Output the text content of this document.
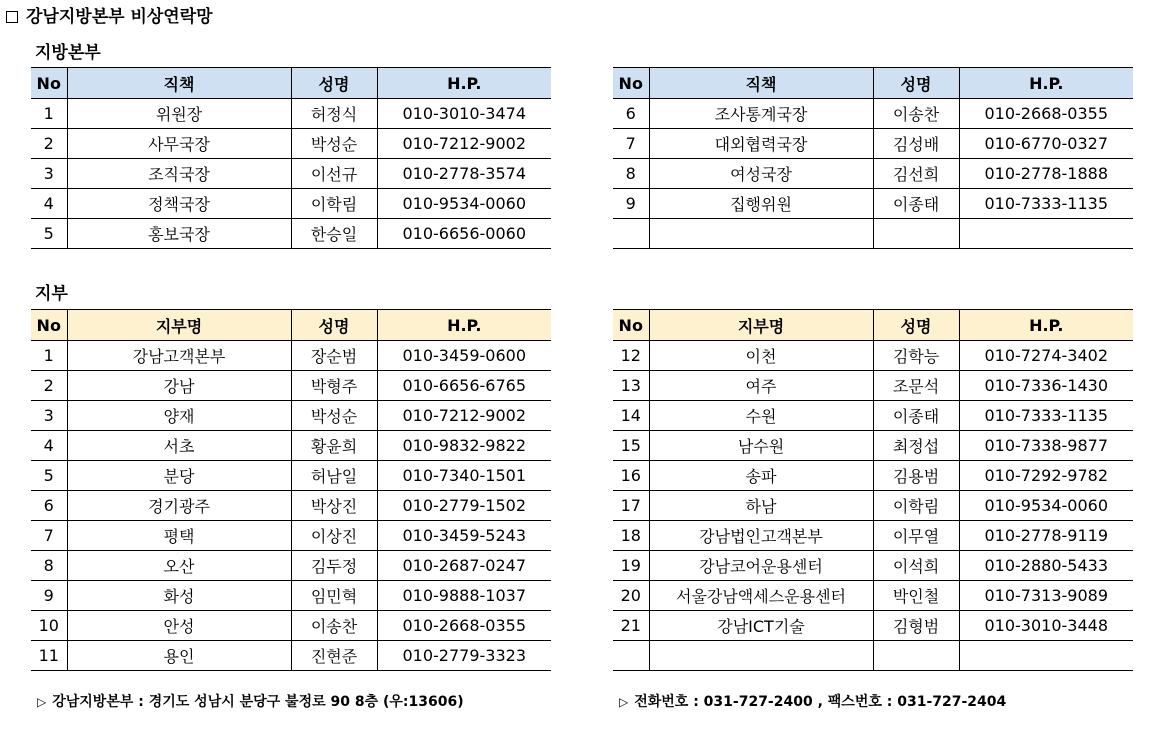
강남지방본부 비상연락망
지방본부
No	직책	성명	H.P.
1	위원장	허정식	010-3010-3474
2	사무국장	박성순	010-7212-9002
3	조직국장	이선규	010-2778-3574
4	정책국장	이학림	010-9534-0060
5	홍보국장	한승일	010-6656-0060
No	직책	성명	H.P.
6	조사통계국장	이송찬	010-2668-0355
7	대외협력국장	김성배	010-6770-0327
8	여성국장	김선희	010-2778-1888
9	집행위원	이종태	010-7333-1135

지부
No	지부명	성명	H.P.
1	강남고객본부	장순범	010-3459-0600
2	강남	박형주	010-6656-6765
3	양재	박성순	010-7212-9002
4	서초	황윤희	010-9832-9822
5	분당	허남일	010-7340-1501
6	경기광주	박상진	010-2779-1502
7	평택	이상진	010-3459-5243
8	오산	김두정	010-2687-0247
9	화성	임민혁	010-9888-1037
10	안성	이송찬	010-2668-0355
11	용인	진현준	010-2779-3323
No	지부명	성명	H.P.
12	이천	김학능	010-7274-3402
13	여주	조문석	010-7336-1430
14	수원	이종태	010-7333-1135
15	남수원	최정섭	010-7338-9877
16	송파	김용범	010-7292-9782
17	하남	이학림	010-9534-0060
18	강남법인고객본부	이무열	010-2778-9119
19	강남코어운용센터	이석희	010-2880-5433
20	서울강남액세스운용센터	박인철	010-7313-9089
21	강남ICT기술	김형범	010-3010-3448

▷ 강남지방본부 : 경기도 성남시 분당구 불정로 90 8층 (우:13606)	▷ 전화번호 : 031-727-2400 , 팩스번호 : 031-727-2404
